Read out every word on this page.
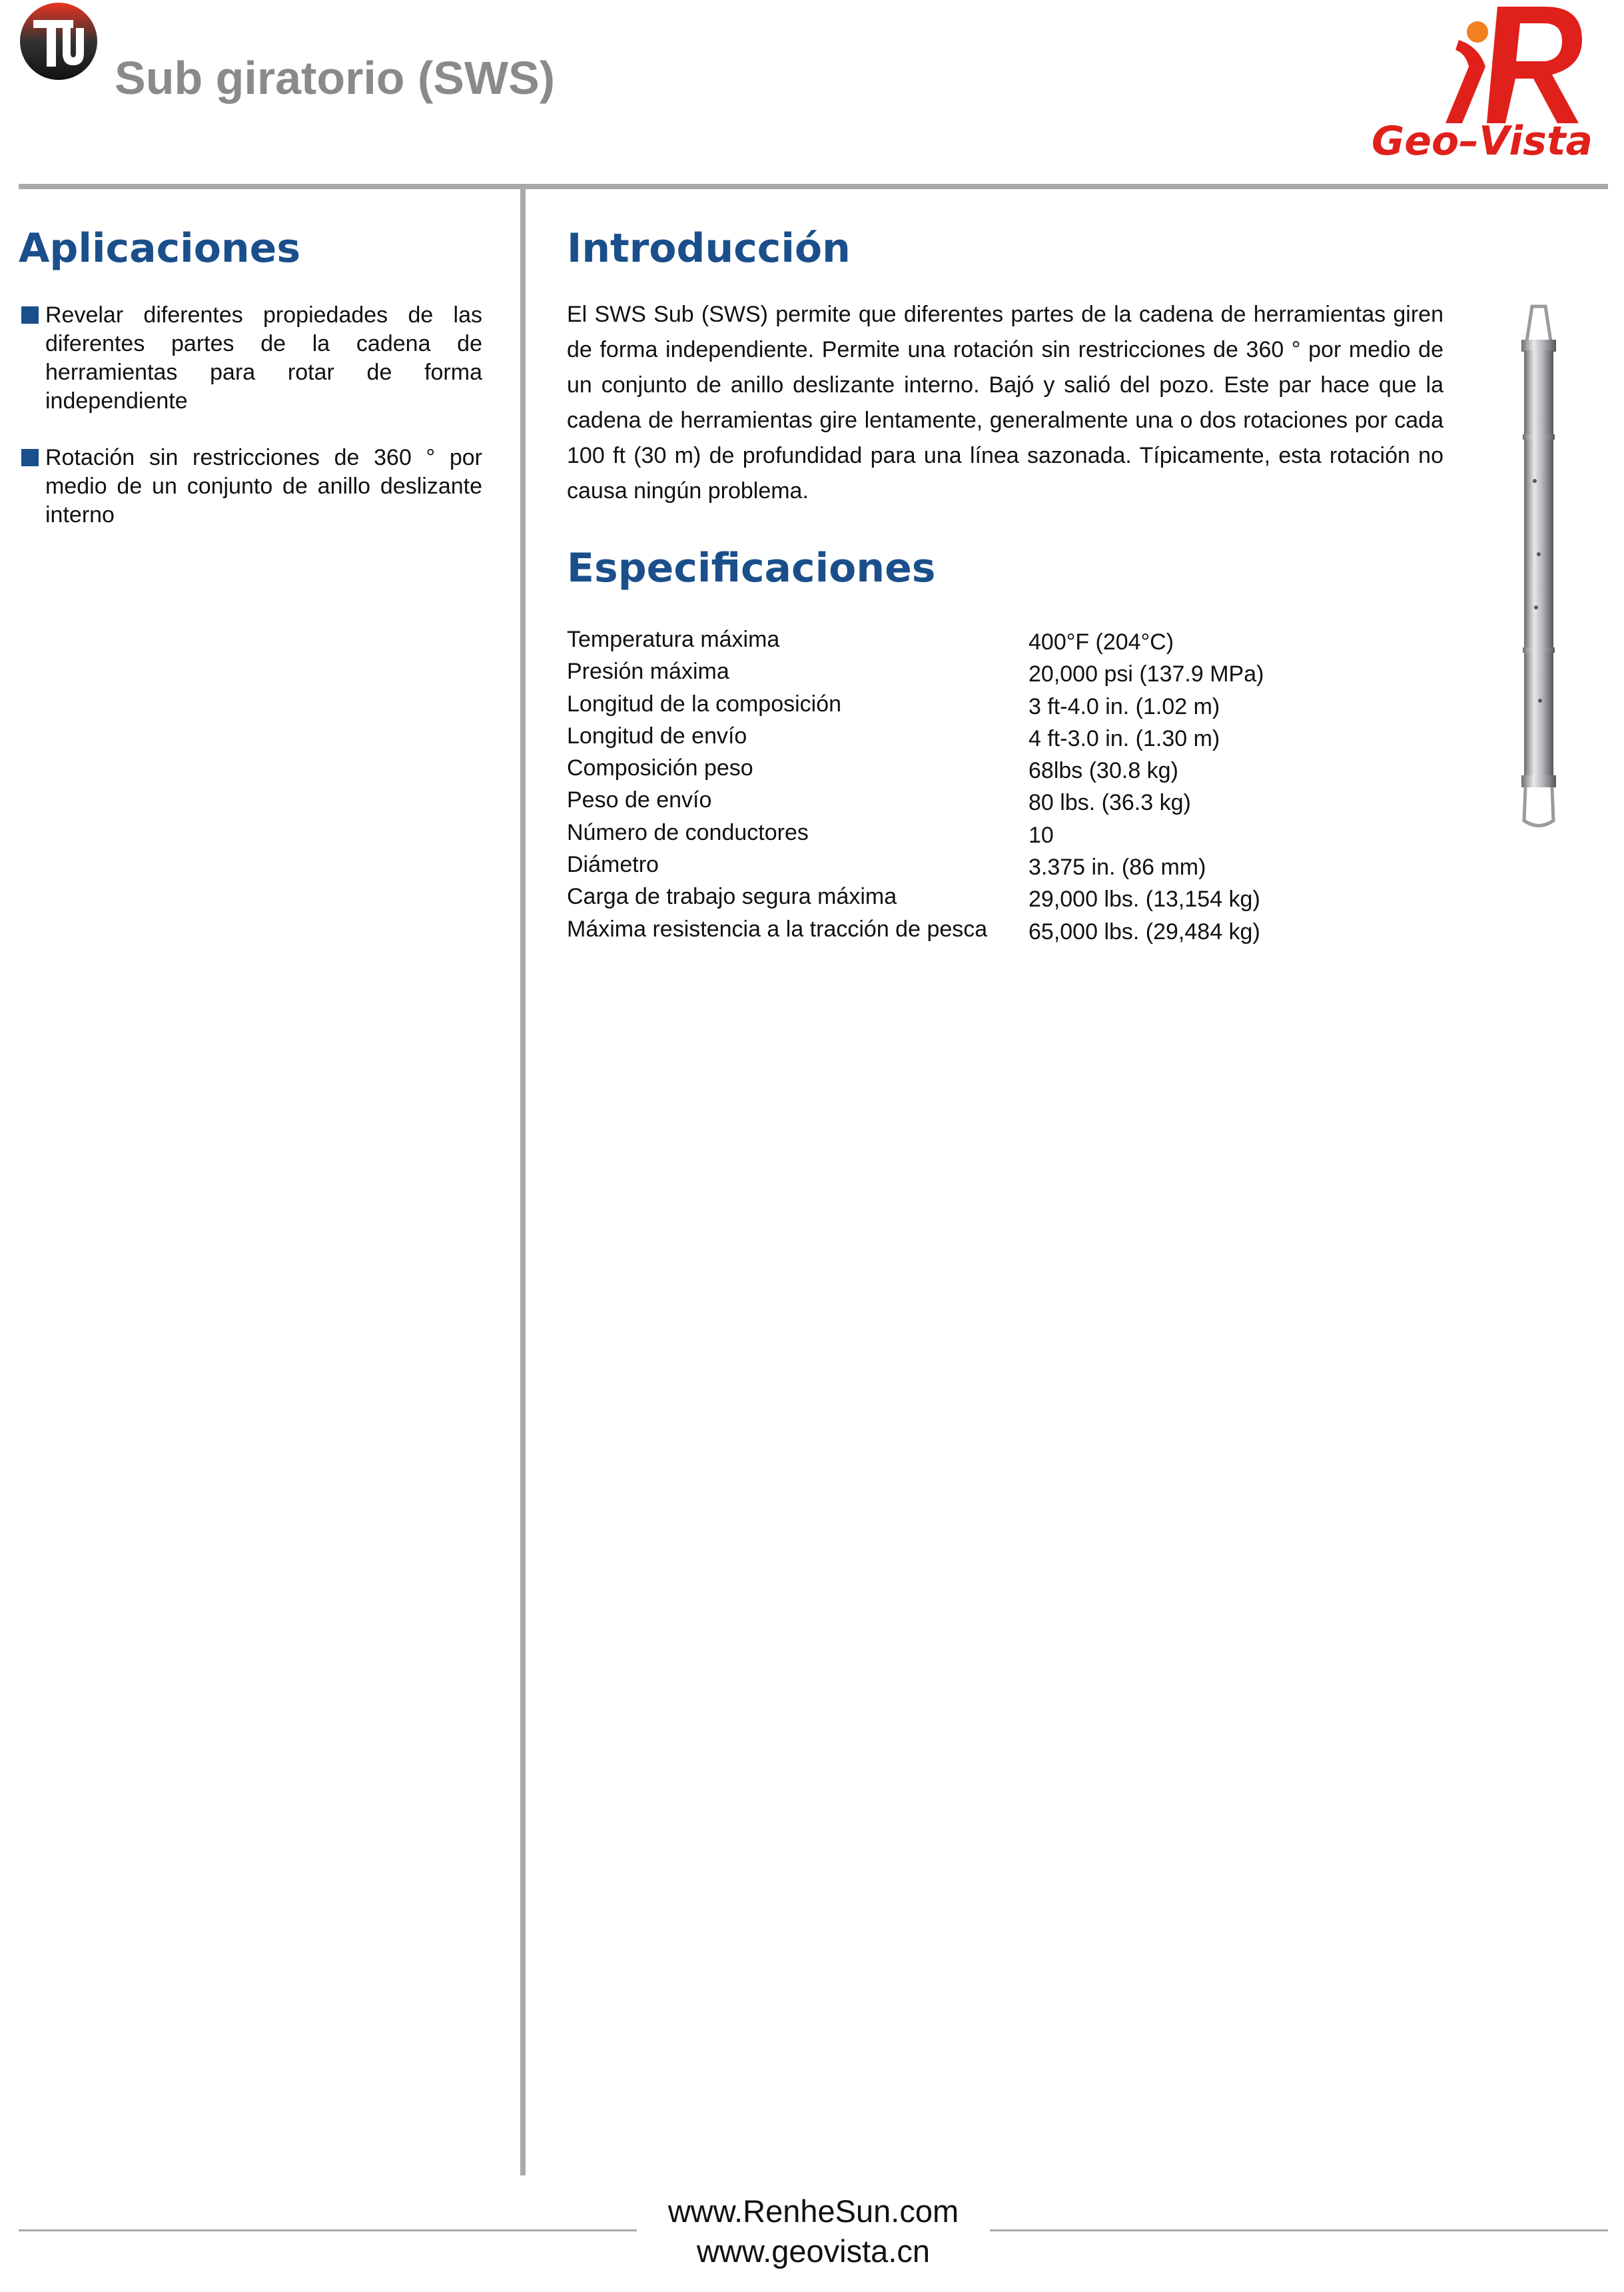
Sub giratorio (SWS)
Geo–Vista
Aplicaciones
Revelar diferentes propiedades de las diferentes partes de la cadena de herramientas para rotar de forma independiente
Rotación sin restricciones de 360 ° por medio de un conjunto de anillo deslizante interno
Introducción

El SWS Sub (SWS) permite que diferentes partes de la cadena de herramientas giren de forma independiente. Permite una rotación sin restricciones de 360 ° por medio de un conjunto de anillo deslizante interno. Bajó y salió del pozo. Este par hace que la cadena de herramientas gire lentamente, generalmente una o dos rotaciones por cada 100 ft (30 m) de profundidad para una línea sazonada. Típicamente, esta rotación no causa ningún problema.

Especificaciones
Temperatura máxima	400°F (204°C)
Presión máxima	20,000 psi (137.9 MPa)
Longitud de la composición	3 ft-4.0 in. (1.02 m)
Longitud de envío	4 ft-3.0 in. (1.30 m)
Composición peso	68lbs (30.8 kg)
Peso de envío	80 lbs. (36.3 kg)
Número de conductores	10
Diámetro	3.375 in. (86 mm)
Carga de trabajo segura máxima	29,000 lbs. (13,154 kg)
Máxima resistencia a la tracción de pesca	65,000 lbs. (29,484 kg)
www.RenheSun.com
www.geovista.cn
